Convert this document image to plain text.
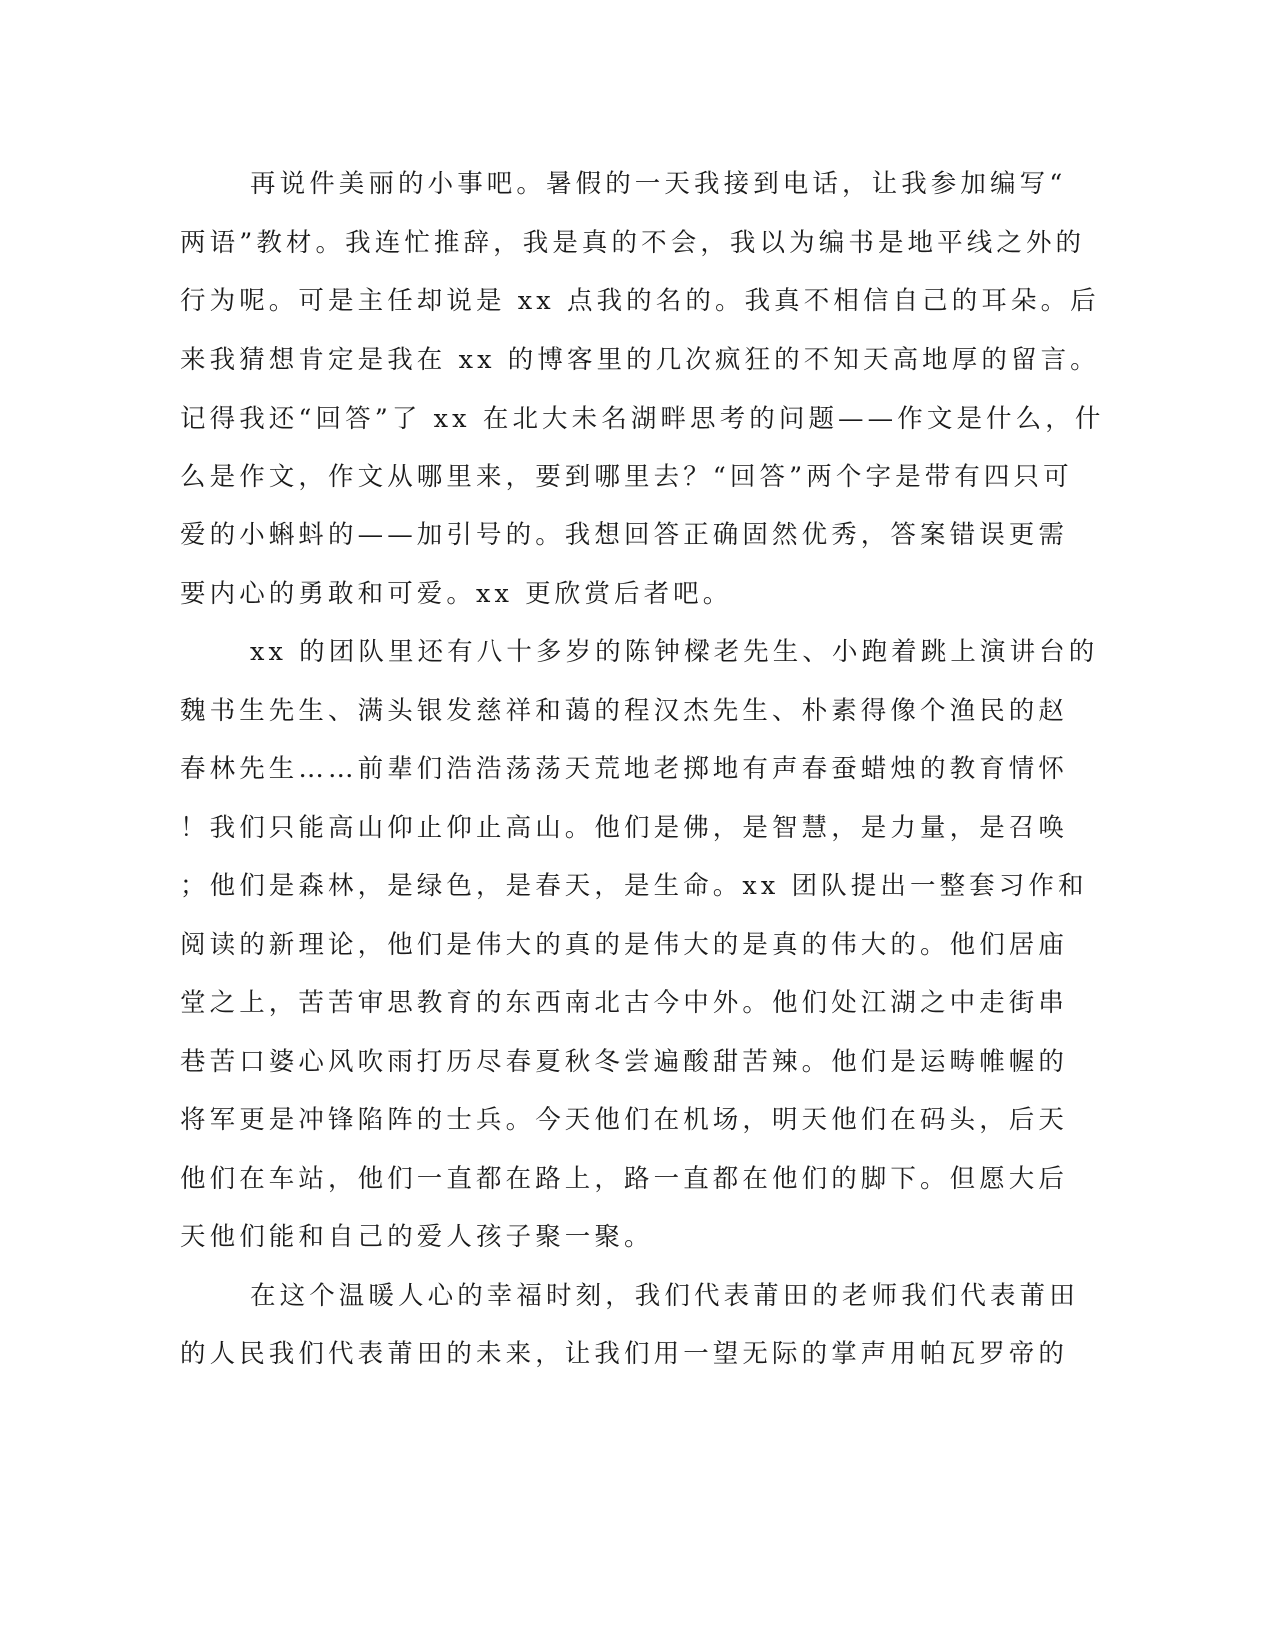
再说件美丽的小事吧。暑假的一天我接到电话，让我参加编写“
两语”教材。我连忙推辞，我是真的不会，我以为编书是地平线之外的
行为呢。可是主任却说是 xx 点我的名的。我真不相信自己的耳朵。后
来我猜想肯定是我在 xx 的博客里的几次疯狂的不知天高地厚的留言。
记得我还“回答”了 xx 在北大未名湖畔思考的问题——作文是什么，什
么是作文，作文从哪里来，要到哪里去？“回答”两个字是带有四只可
爱的小蝌蚪的——加引号的。我想回答正确固然优秀，答案错误更需
要内心的勇敢和可爱。xx 更欣赏后者吧。
xx 的团队里还有八十多岁的陈钟樑老先生、小跑着跳上演讲台的
魏书生先生、满头银发慈祥和蔼的程汉杰先生、朴素得像个渔民的赵
春林先生……前辈们浩浩荡荡天荒地老掷地有声春蚕蜡烛的教育情怀
！我们只能高山仰止仰止高山。他们是佛，是智慧，是力量，是召唤
；他们是森林，是绿色，是春天，是生命。xx 团队提出一整套习作和
阅读的新理论，他们是伟大的真的是伟大的是真的伟大的。他们居庙
堂之上，苦苦审思教育的东西南北古今中外。他们处江湖之中走街串
巷苦口婆心风吹雨打历尽春夏秋冬尝遍酸甜苦辣。他们是运畴帷幄的
将军更是冲锋陷阵的士兵。今天他们在机场，明天他们在码头，后天
他们在车站，他们一直都在路上，路一直都在他们的脚下。但愿大后
天他们能和自己的爱人孩子聚一聚。
在这个温暖人心的幸福时刻，我们代表莆田的老师我们代表莆田
的人民我们代表莆田的未来，让我们用一望无际的掌声用帕瓦罗帝的
